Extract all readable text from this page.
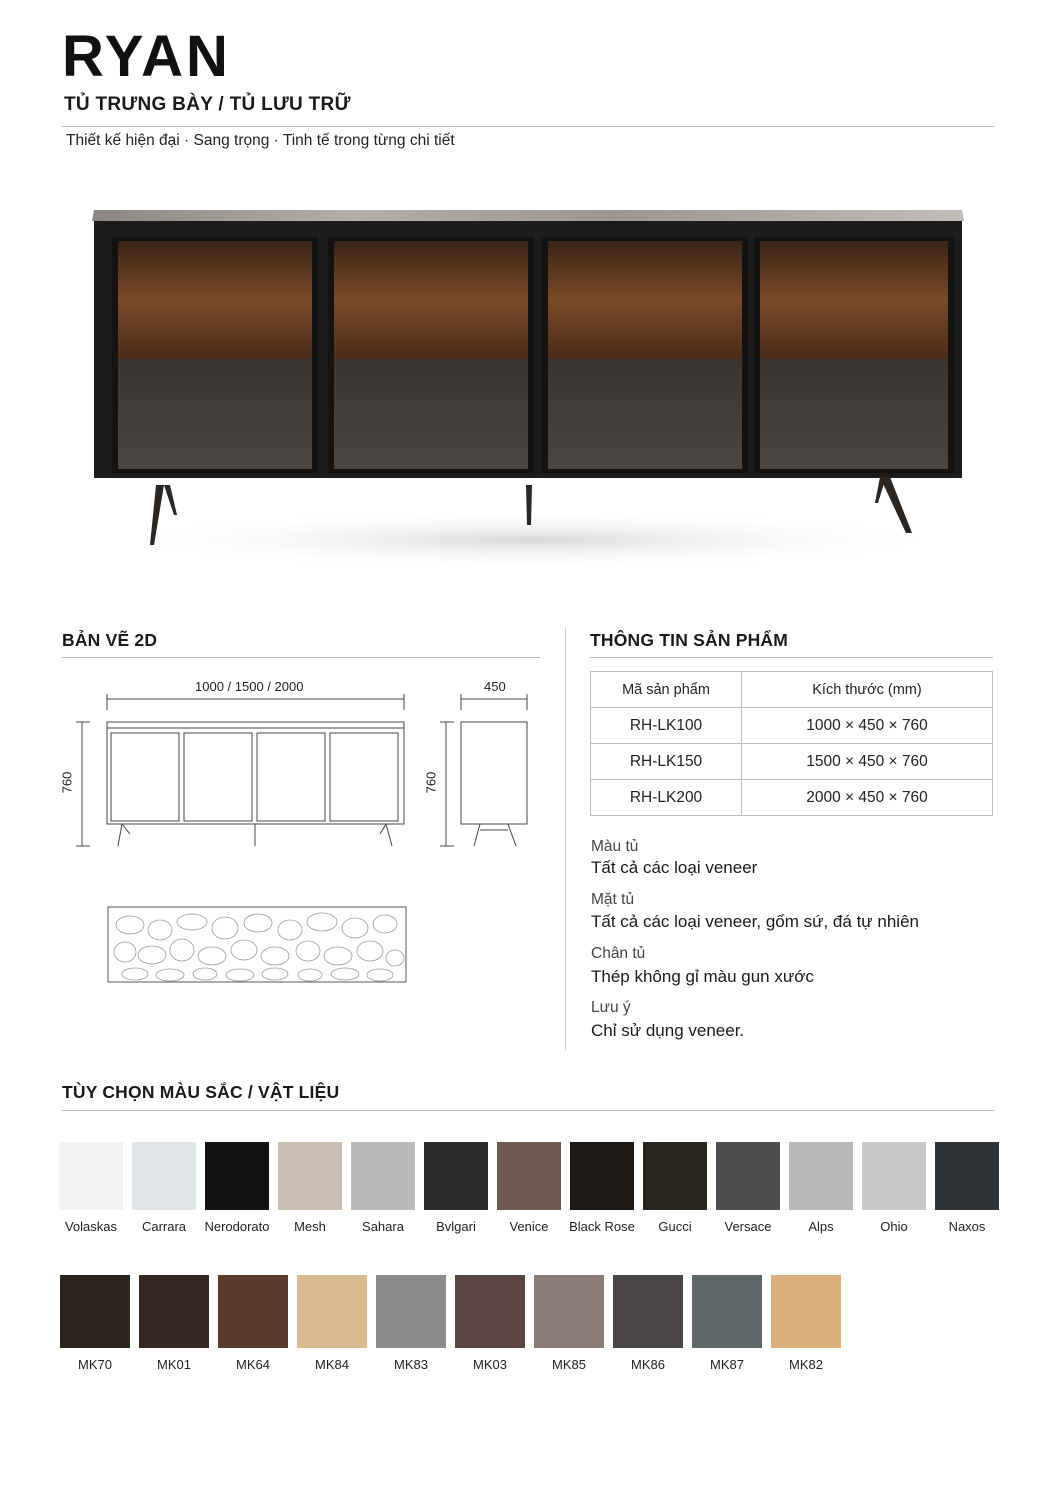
RYAN
TỦ TRƯNG BÀY / TỦ LƯU TRỮ
Thiết kế hiện đại · Sang trọng · Tinh tế trong từng chi tiết
BẢN VẼ 2D
1000 / 1500 / 2000	450
760	760
THÔNG TIN SẢN PHẨM
Mã sản phẩm	Kích thước (mm)
RH-LK100	1000 × 450 × 760
RH-LK150	1500 × 450 × 760
RH-LK200	2000 × 450 × 760
Màu tủ
Tất cả các loại veneer
Mặt tủ
Tất cả các loại veneer, gốm sứ, đá tự nhiên
Chân tủ
Thép không gỉ màu gun xước
Lưu ý
Chỉ sử dụng veneer.
TÙY CHỌN MÀU SẮC / VẬT LIỆU
Volaskas	Carrara	Nerodorato	Mesh	Sahara	Bvlgari	Venice	Black Rose	Gucci	Versace	Alps	Ohio	Naxos
MK70	MK01	MK64	MK84	MK83	MK03	MK85	MK86	MK87	MK82
